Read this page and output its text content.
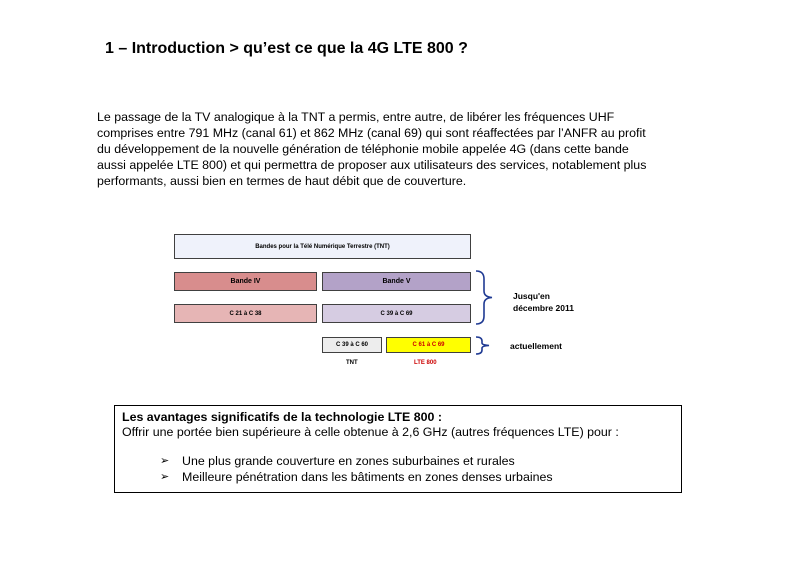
1 – Introduction > qu’est ce que la 4G LTE 800 ?

Le passage de la TV analogique à la TNT a permis, entre autre, de libérer les fréquences UHF

comprises entre 791 MHz (canal 61) et 862 MHz (canal 69) qui sont réaffectées par l’ANFR au profit

du développement de la nouvelle génération de téléphonie mobile appelée 4G (dans cette bande

aussi appelée LTE 800) et qui permettra de proposer aux utilisateurs des services, notablement plus

performants, aussi bien en termes de haut débit que de couverture.

Bandes pour la Télé Numérique Terrestre (TNT)
Bande IV	Bande V
C 21 à C 38	C 39 à C 69
C 39 à C 60	C 61 à C 69
TNT	LTE 800
Jusqu'en
décembre 2011
actuellement
Les avantages significatifs de la technologie LTE 800 :
Offrir une portée bien supérieure à celle obtenue à 2,6 GHz (autres fréquences LTE) pour :
➢	Une plus grande couverture en zones suburbaines et rurales
➢	Meilleure pénétration dans les bâtiments en zones denses urbaines
